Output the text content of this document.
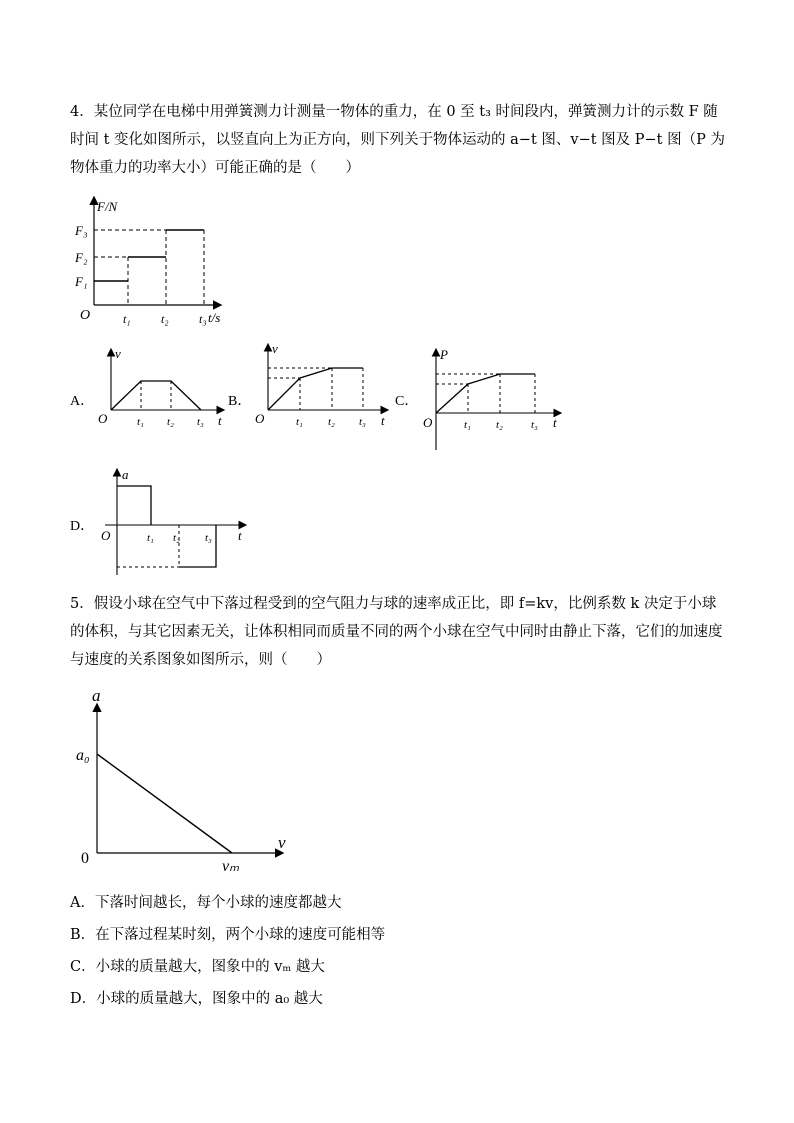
4．某位同学在电梯中用弹簧测力计测量一物体的重力，在 0 至 t₃ 时间段内，弹簧测力计的示数 F 随时间 t 变化如图所示，以竖直向上为正方向，则下列关于物体运动的 a−t 图、v−t 图及 P−t 图（P 为物体重力的功率大小）可能正确的是（　　）
F/N
t/s
O
F₁
F₂
F₃
t₁	t₂	t₃
A．
v
t
O	t₁ t₂ t₃
B．
v
t
O	t₁ t₂ t₃
C．
P
t
O	t₁ t₂	t₃
D．
a
t
O	t₁ t₂ t₃
5．假设小球在空气中下落过程受到的空气阻力与球的速率成正比，即 f=kv，比例系数 k 决定于小球的体积，与其它因素无关，让体积相同而质量不同的两个小球在空气中同时由静止下落，它们的加速度与速度的关系图象如图所示，则（　　）
a
v
0
a₀
vₘ
A．下落时间越长，每个小球的速度都越大
B．在下落过程某时刻，两个小球的速度可能相等
C．小球的质量越大，图象中的 vₘ 越大
D．小球的质量越大，图象中的 a₀ 越大
